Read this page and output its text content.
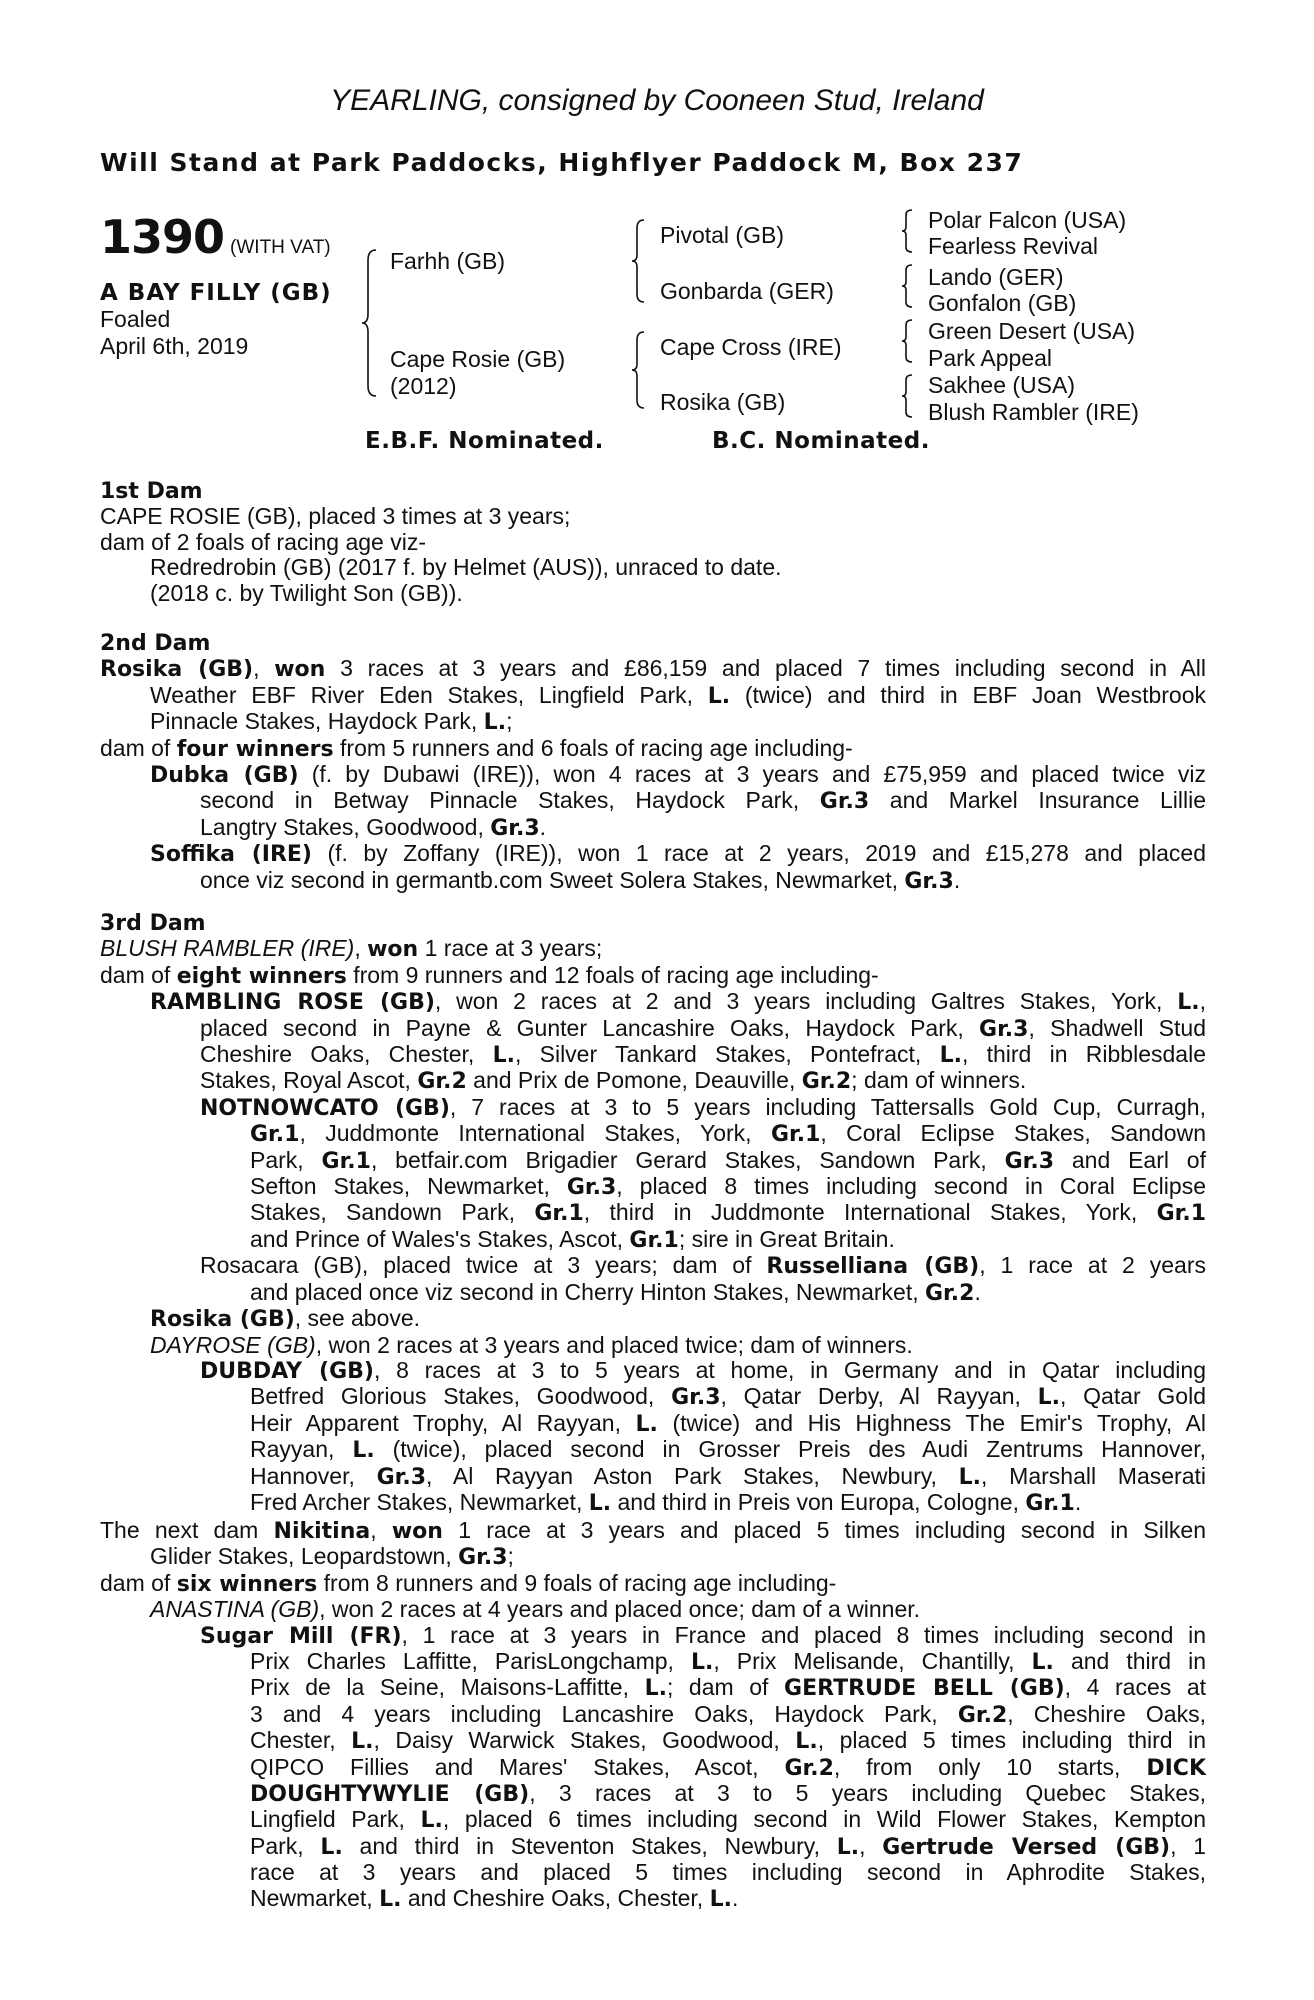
YEARLING, consigned by Cooneen Stud, Ireland
Will Stand at Park Paddocks, Highflyer Paddock M, Box 237
1390 (WITH VAT)
A BAY FILLY (GB)
Foaled
April 6th, 2019
Farhh (GB)
Cape Rosie (GB)
(2012)
Pivotal (GB)
Gonbarda (GER)
Cape Cross (IRE)
Rosika (GB)
Polar Falcon (USA)
Fearless Revival
Lando (GER)
Gonfalon (GB)
Green Desert (USA)
Park Appeal
Sakhee (USA)
Blush Rambler (IRE)
E.B.F. Nominated.	B.C. Nominated.
1st Dam
CAPE ROSIE (GB), placed 3 times at 3 years;
dam of 2 foals of racing age viz-
Redredrobin (GB) (2017 f. by Helmet (AUS)), unraced to date.
(2018 c. by Twilight Son (GB)).
2nd Dam
Rosika (GB), won 3 races at 3 years and £86,159 and placed 7 times including second in All
Weather EBF River Eden Stakes, Lingfield Park, L. (twice) and third in EBF Joan Westbrook
Pinnacle Stakes, Haydock Park, L.;
dam of four winners from 5 runners and 6 foals of racing age including-
Dubka (GB) (f. by Dubawi (IRE)), won 4 races at 3 years and £75,959 and placed twice viz
second in Betway Pinnacle Stakes, Haydock Park, Gr.3 and Markel Insurance Lillie
Langtry Stakes, Goodwood, Gr.3.
Soffika (IRE) (f. by Zoffany (IRE)), won 1 race at 2 years, 2019 and £15,278 and placed
once viz second in germantb.com Sweet Solera Stakes, Newmarket, Gr.3.
3rd Dam
BLUSH RAMBLER (IRE), won 1 race at 3 years;
dam of eight winners from 9 runners and 12 foals of racing age including-
RAMBLING ROSE (GB), won 2 races at 2 and 3 years including Galtres Stakes, York, L.,
placed second in Payne & Gunter Lancashire Oaks, Haydock Park, Gr.3, Shadwell Stud
Cheshire Oaks, Chester, L., Silver Tankard Stakes, Pontefract, L., third in Ribblesdale
Stakes, Royal Ascot, Gr.2 and Prix de Pomone, Deauville, Gr.2; dam of winners.
NOTNOWCATO (GB), 7 races at 3 to 5 years including Tattersalls Gold Cup, Curragh,
Gr.1, Juddmonte International Stakes, York, Gr.1, Coral Eclipse Stakes, Sandown
Park, Gr.1, betfair.com Brigadier Gerard Stakes, Sandown Park, Gr.3 and Earl of
Sefton Stakes, Newmarket, Gr.3, placed 8 times including second in Coral Eclipse
Stakes, Sandown Park, Gr.1, third in Juddmonte International Stakes, York, Gr.1
and Prince of Wales's Stakes, Ascot, Gr.1; sire in Great Britain.
Rosacara (GB), placed twice at 3 years; dam of Russelliana (GB), 1 race at 2 years
and placed once viz second in Cherry Hinton Stakes, Newmarket, Gr.2.
Rosika (GB), see above.
DAYROSE (GB), won 2 races at 3 years and placed twice; dam of winners.
DUBDAY (GB), 8 races at 3 to 5 years at home, in Germany and in Qatar including
Betfred Glorious Stakes, Goodwood, Gr.3, Qatar Derby, Al Rayyan, L., Qatar Gold
Heir Apparent Trophy, Al Rayyan, L. (twice) and His Highness The Emir's Trophy, Al
Rayyan, L. (twice), placed second in Grosser Preis des Audi Zentrums Hannover,
Hannover, Gr.3, Al Rayyan Aston Park Stakes, Newbury, L., Marshall Maserati
Fred Archer Stakes, Newmarket, L. and third in Preis von Europa, Cologne, Gr.1.
The next dam Nikitina, won 1 race at 3 years and placed 5 times including second in Silken
Glider Stakes, Leopardstown, Gr.3;
dam of six winners from 8 runners and 9 foals of racing age including-
ANASTINA (GB), won 2 races at 4 years and placed once; dam of a winner.
Sugar Mill (FR), 1 race at 3 years in France and placed 8 times including second in
Prix Charles Laffitte, ParisLongchamp, L., Prix Melisande, Chantilly, L. and third in
Prix de la Seine, Maisons-Laffitte, L.; dam of GERTRUDE BELL (GB), 4 races at
3 and 4 years including Lancashire Oaks, Haydock Park, Gr.2, Cheshire Oaks,
Chester, L., Daisy Warwick Stakes, Goodwood, L., placed 5 times including third in
QIPCO Fillies and Mares' Stakes, Ascot, Gr.2, from only 10 starts, DICK
DOUGHTYWYLIE (GB), 3 races at 3 to 5 years including Quebec Stakes,
Lingfield Park, L., placed 6 times including second in Wild Flower Stakes, Kempton
Park, L. and third in Steventon Stakes, Newbury, L., Gertrude Versed (GB), 1
race at 3 years and placed 5 times including second in Aphrodite Stakes,
Newmarket, L. and Cheshire Oaks, Chester, L..
